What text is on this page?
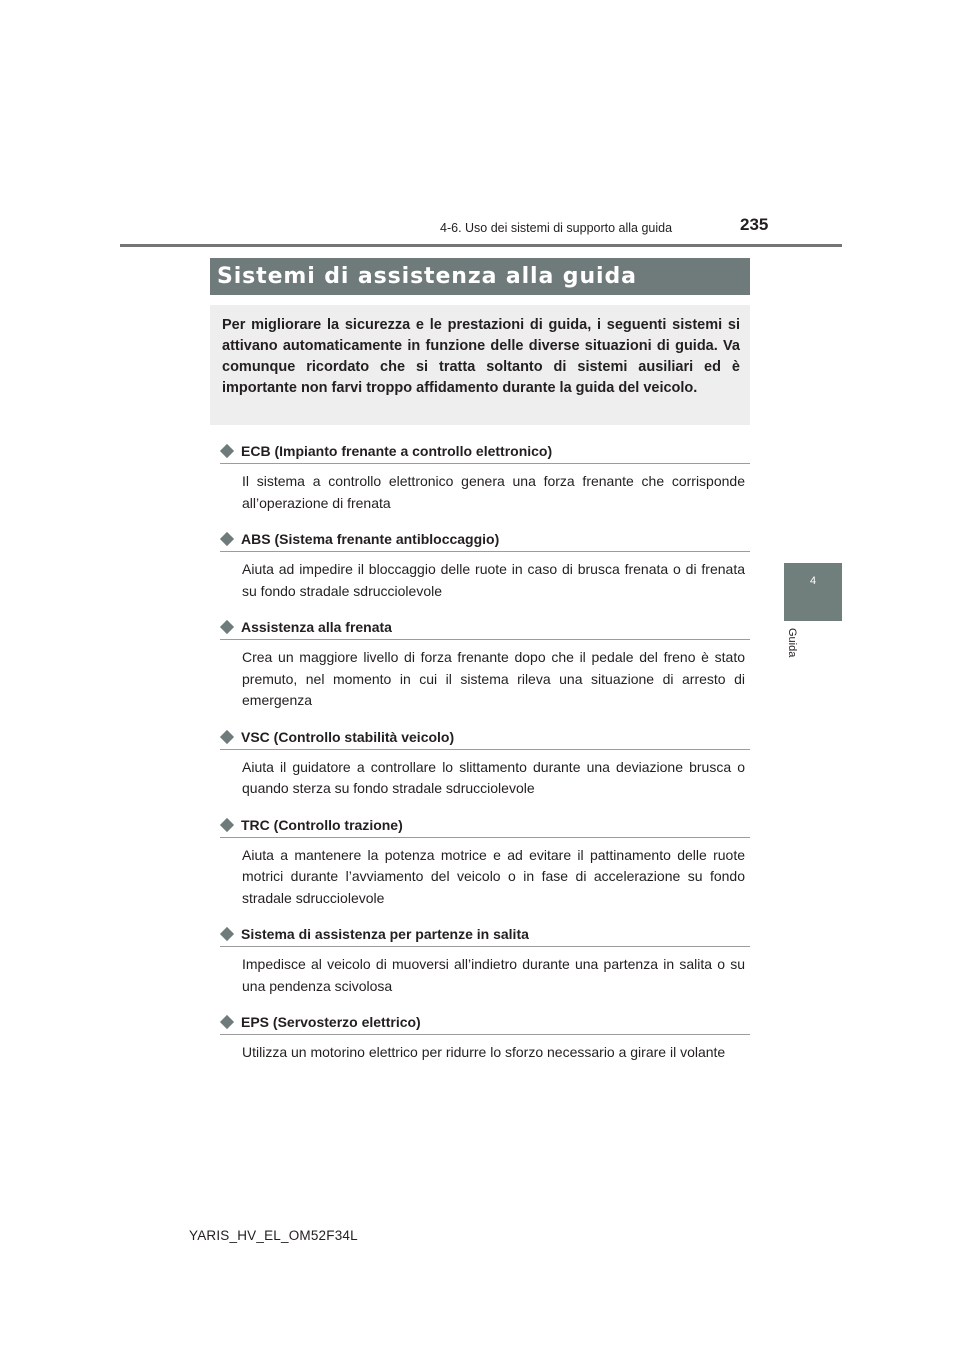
4-6. Uso dei sistemi di supporto alla guida	235
4
Guida
Sistemi di assistenza alla guida

Per migliorare la sicurezza e le prestazioni di guida, i seguenti sistemi si attivano automaticamente in funzione delle diverse situazioni di guida. Va comunque ricordato che si tratta soltanto di sistemi ausiliari ed è importante non farvi troppo affidamento durante la guida del veicolo.

ECB (Impianto frenante a controllo elettronico)
Il sistema a controllo elettronico genera una forza frenante che corrisponde all’operazione di frenata
ABS (Sistema frenante antibloccaggio)
Aiuta ad impedire il bloccaggio delle ruote in caso di brusca frenata o di frenata su fondo stradale sdrucciolevole
Assistenza alla frenata
Crea un maggiore livello di forza frenante dopo che il pedale del freno è stato premuto, nel momento in cui il sistema rileva una situazione di arresto di emergenza
VSC (Controllo stabilità veicolo)
Aiuta il guidatore a controllare lo slittamento durante una deviazione brusca o quando sterza su fondo stradale sdrucciolevole
TRC (Controllo trazione)
Aiuta a mantenere la potenza motrice e ad evitare il pattinamento delle ruote motrici durante l’avviamento del veicolo o in fase di accelerazione su fondo stradale sdrucciolevole
Sistema di assistenza per partenze in salita
Impedisce al veicolo di muoversi all’indietro durante una partenza in salita o su una pendenza scivolosa
EPS (Servosterzo elettrico)
Utilizza un motorino elettrico per ridurre lo sforzo necessario a girare il volante
YARIS_HV_EL_OM52F34L
